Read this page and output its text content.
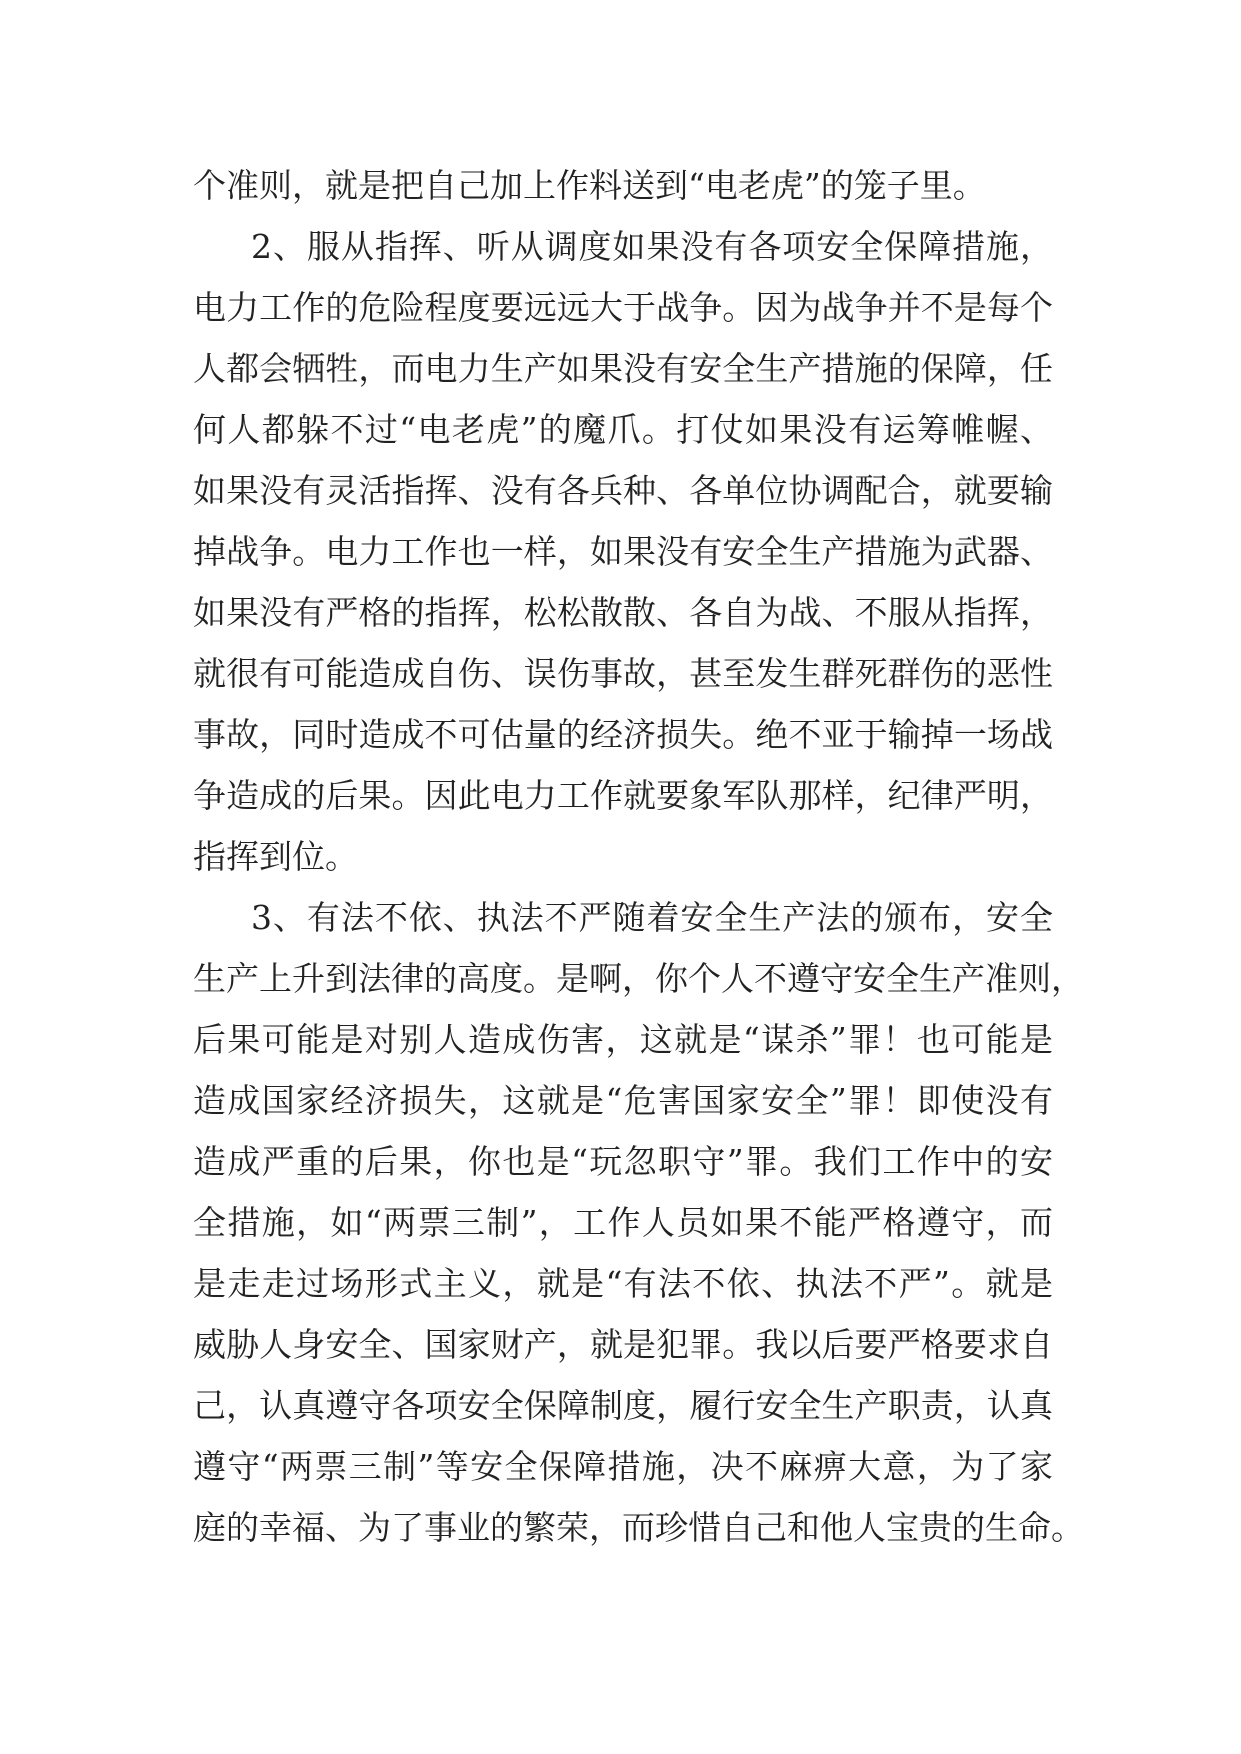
个准则，就是把自己加上作料送到“电老虎”的笼子里。
2、服从指挥、听从调度如果没有各项安全保障措施，
电力工作的危险程度要远远大于战争。因为战争并不是每个
人都会牺牲，而电力生产如果没有安全生产措施的保障，任
何人都躲不过“电老虎”的魔爪。打仗如果没有运筹帷幄、
如果没有灵活指挥、没有各兵种、各单位协调配合，就要输
掉战争。电力工作也一样，如果没有安全生产措施为武器、
如果没有严格的指挥，松松散散、各自为战、不服从指挥，
就很有可能造成自伤、误伤事故，甚至发生群死群伤的恶性
事故，同时造成不可估量的经济损失。绝不亚于输掉一场战
争造成的后果。因此电力工作就要象军队那样，纪律严明，
指挥到位。
3、有法不依、执法不严随着安全生产法的颁布，安全
生产上升到法律的高度。是啊，你个人不遵守安全生产准则，
后果可能是对别人造成伤害，这就是“谋杀”罪！也可能是
造成国家经济损失，这就是“危害国家安全”罪！即使没有
造成严重的后果，你也是“玩忽职守”罪。我们工作中的安
全措施，如“两票三制”，工作人员如果不能严格遵守，而
是走走过场形式主义，就是“有法不依、执法不严”。就是
威胁人身安全、国家财产，就是犯罪。我以后要严格要求自
己，认真遵守各项安全保障制度，履行安全生产职责，认真
遵守“两票三制”等安全保障措施，决不麻痹大意，为了家
庭的幸福、为了事业的繁荣，而珍惜自己和他人宝贵的生命。
